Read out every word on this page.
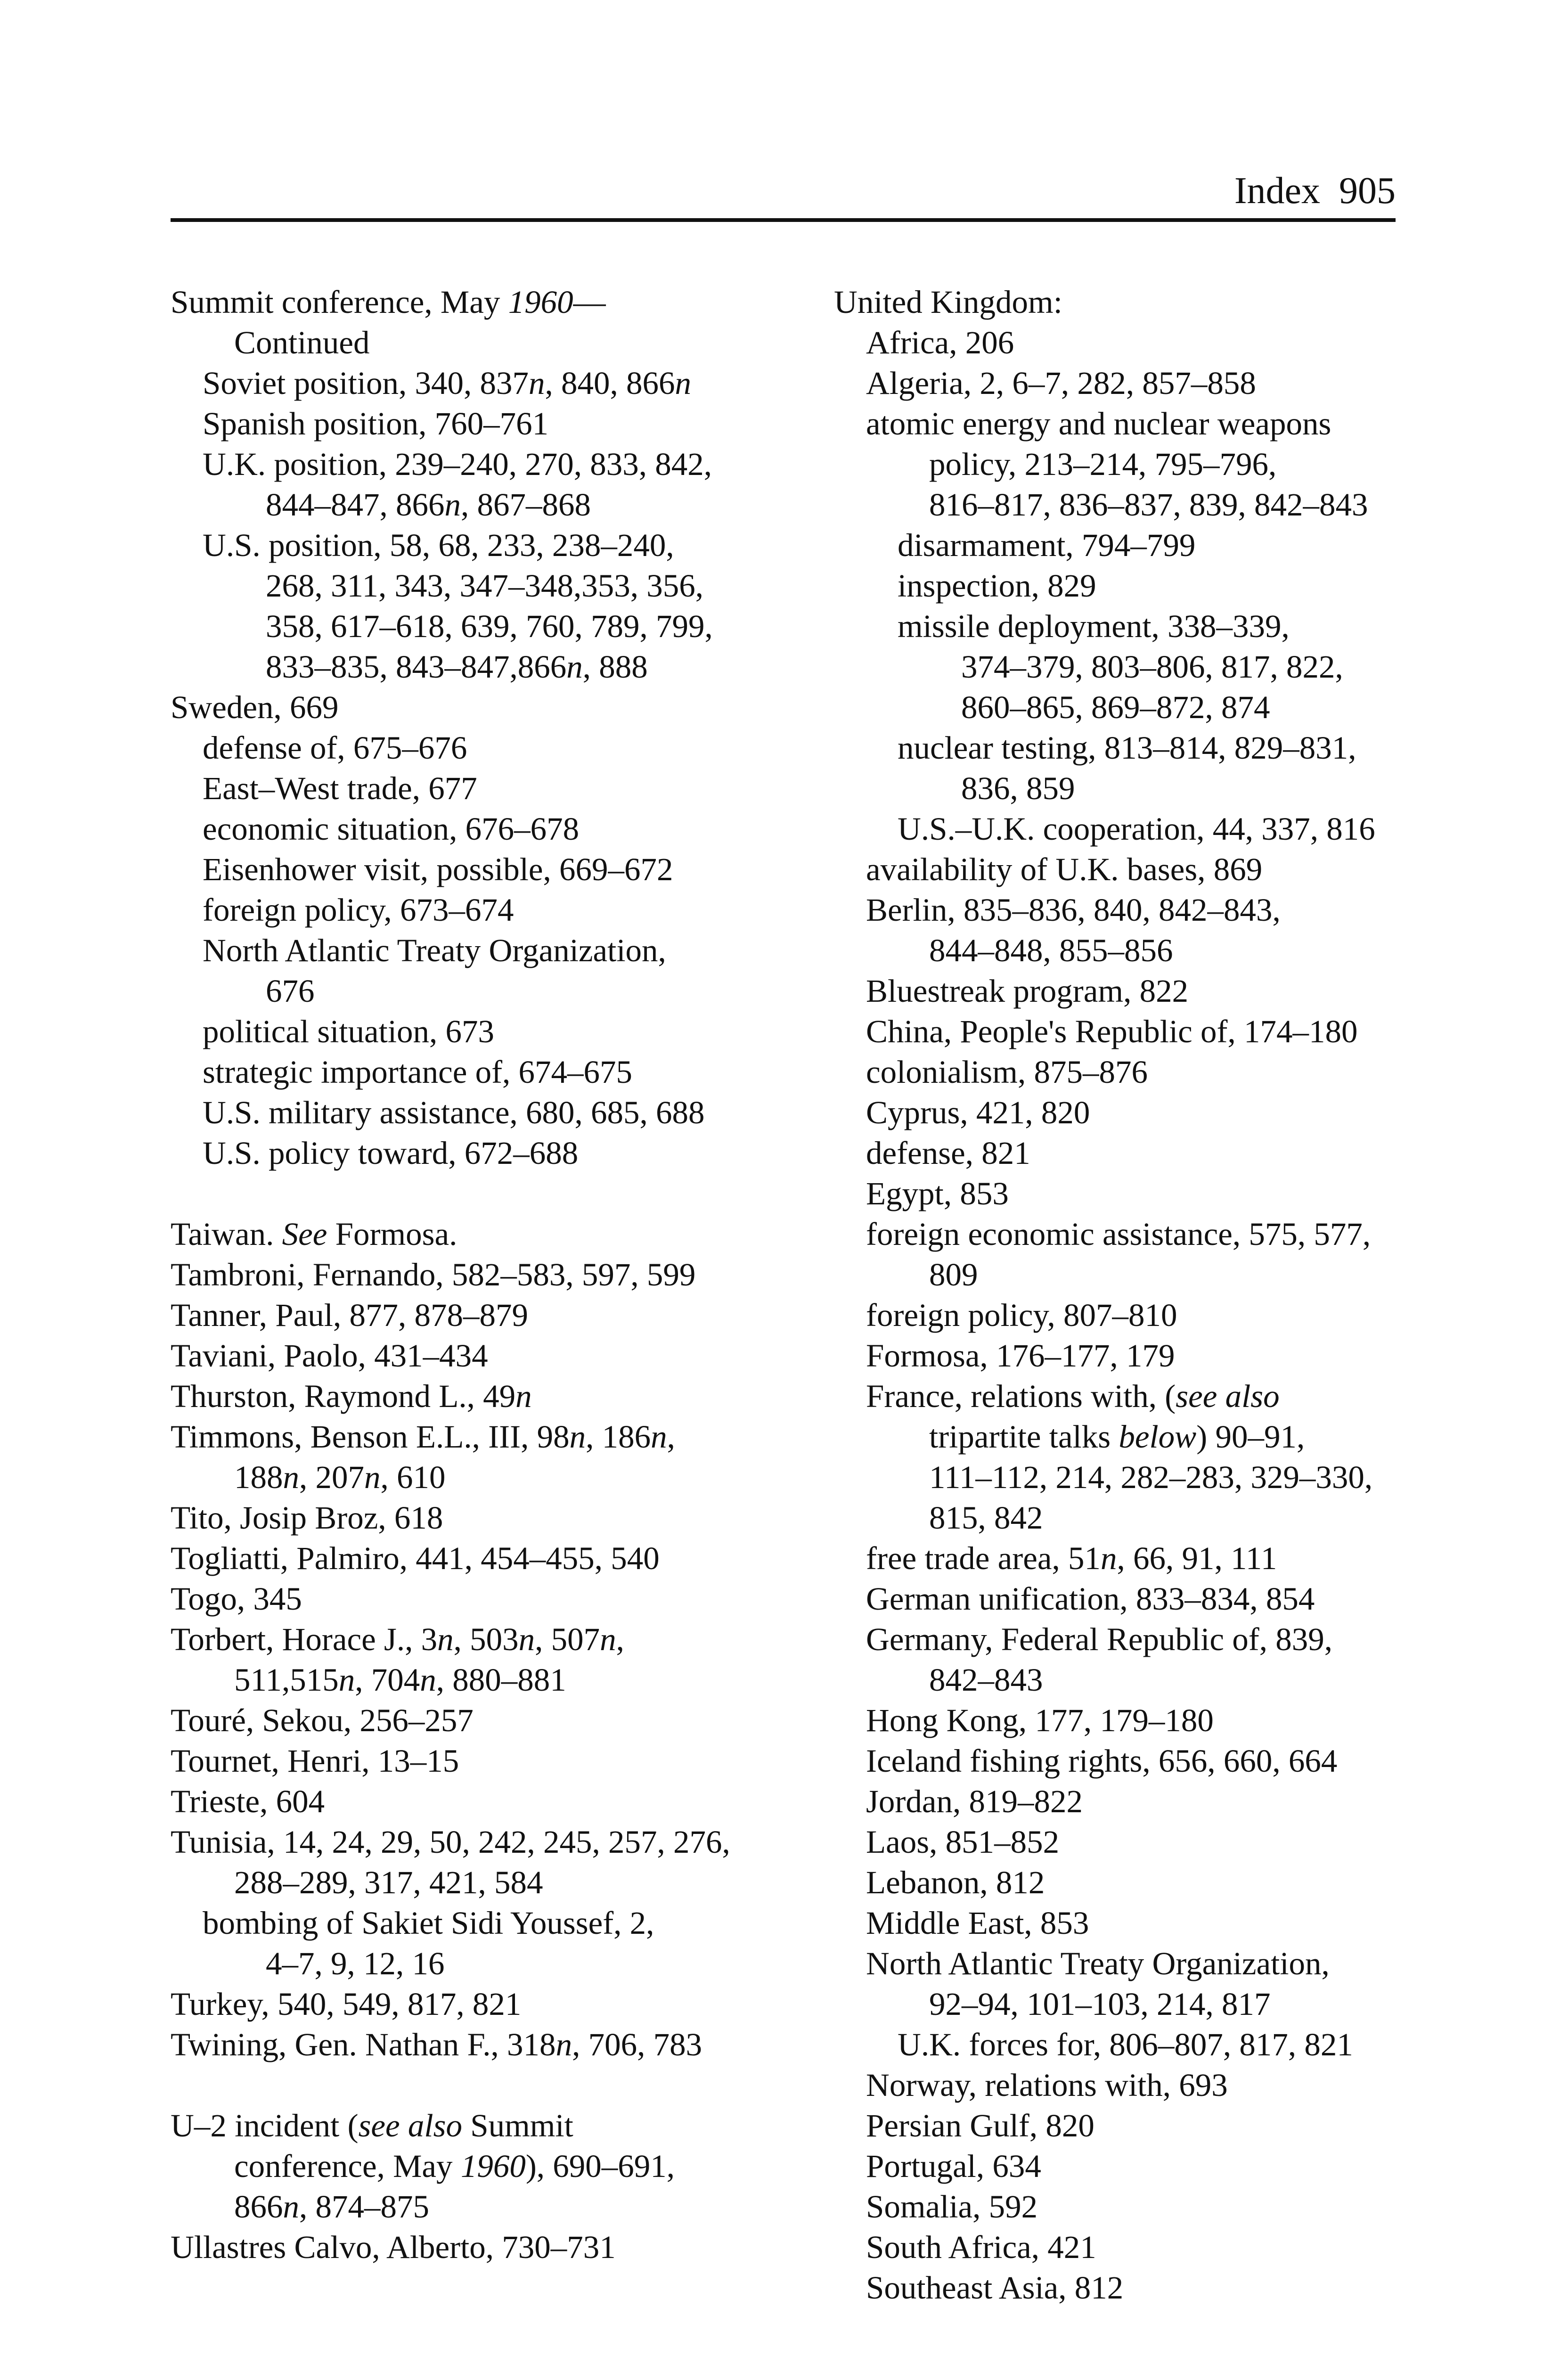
Index 905
Summit conference, May 1960—
Continued
Soviet position, 340, 837n, 840, 866n
Spanish position, 760–761
U.K. position, 239–240, 270, 833, 842,
844–847, 866n, 867–868
U.S. position, 58, 68, 233, 238–240,
268, 311, 343, 347–348,353, 356,
358, 617–618, 639, 760, 789, 799,
833–835, 843–847,866n, 888
Sweden, 669
defense of, 675–676
East–West trade, 677
economic situation, 676–678
Eisenhower visit, possible, 669–672
foreign policy, 673–674
North Atlantic Treaty Organization,
676
political situation, 673
strategic importance of, 674–675
U.S. military assistance, 680, 685, 688
U.S. policy toward, 672–688
Taiwan. See Formosa.
Tambroni, Fernando, 582–583, 597, 599
Tanner, Paul, 877, 878–879
Taviani, Paolo, 431–434
Thurston, Raymond L., 49n
Timmons, Benson E.L., III, 98n, 186n,
188n, 207n, 610
Tito, Josip Broz, 618
Togliatti, Palmiro, 441, 454–455, 540
Togo, 345
Torbert, Horace J., 3n, 503n, 507n,
511,515n, 704n, 880–881
Touré, Sekou, 256–257
Tournet, Henri, 13–15
Trieste, 604
Tunisia, 14, 24, 29, 50, 242, 245, 257, 276,
288–289, 317, 421, 584
bombing of Sakiet Sidi Youssef, 2,
4–7, 9, 12, 16
Turkey, 540, 549, 817, 821
Twining, Gen. Nathan F., 318n, 706, 783
U–2 incident (see also Summit
conference, May 1960), 690–691,
866n, 874–875
Ullastres Calvo, Alberto, 730–731
United Kingdom:
Africa, 206
Algeria, 2, 6–7, 282, 857–858
atomic energy and nuclear weapons
policy, 213–214, 795–796,
816–817, 836–837, 839, 842–843
disarmament, 794–799
inspection, 829
missile deployment, 338–339,
374–379, 803–806, 817, 822,
860–865, 869–872, 874
nuclear testing, 813–814, 829–831,
836, 859
U.S.–U.K. cooperation, 44, 337, 816
availability of U.K. bases, 869
Berlin, 835–836, 840, 842–843,
844–848, 855–856
Bluestreak program, 822
China, People's Republic of, 174–180
colonialism, 875–876
Cyprus, 421, 820
defense, 821
Egypt, 853
foreign economic assistance, 575, 577,
809
foreign policy, 807–810
Formosa, 176–177, 179
France, relations with, (see also
tripartite talks below) 90–91,
111–112, 214, 282–283, 329–330,
815, 842
free trade area, 51n, 66, 91, 111
German unification, 833–834, 854
Germany, Federal Republic of, 839,
842–843
Hong Kong, 177, 179–180
Iceland fishing rights, 656, 660, 664
Jordan, 819–822
Laos, 851–852
Lebanon, 812
Middle East, 853
North Atlantic Treaty Organization,
92–94, 101–103, 214, 817
U.K. forces for, 806–807, 817, 821
Norway, relations with, 693
Persian Gulf, 820
Portugal, 634
Somalia, 592
South Africa, 421
Southeast Asia, 812
